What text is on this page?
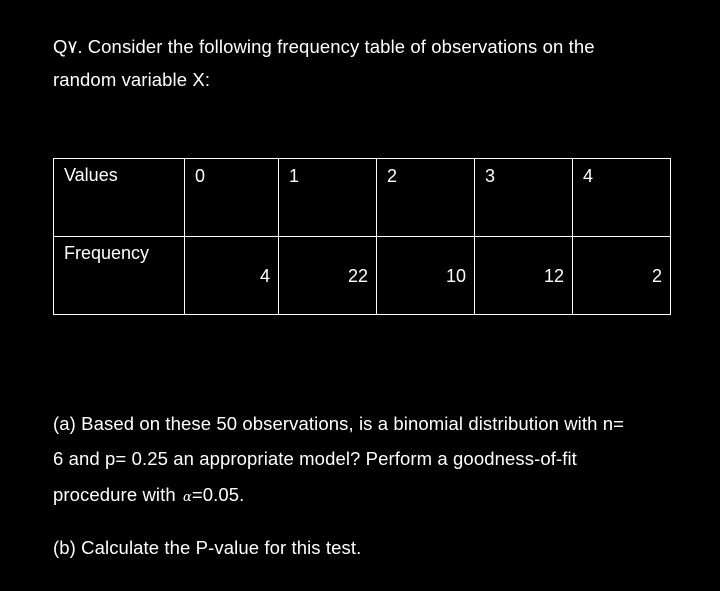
Q۷. Consider the following frequency table of observations on the
random variable X:
Values	0	1	2	3	4

Frequency	4	22	10	12	2
(a) Based on these 50 observations, is a binomial distribution with n=
6 and p= 0.25 an appropriate model? Perform a goodness-of-fit
procedure with α=0.05.
(b) Calculate the P-value for this test.
